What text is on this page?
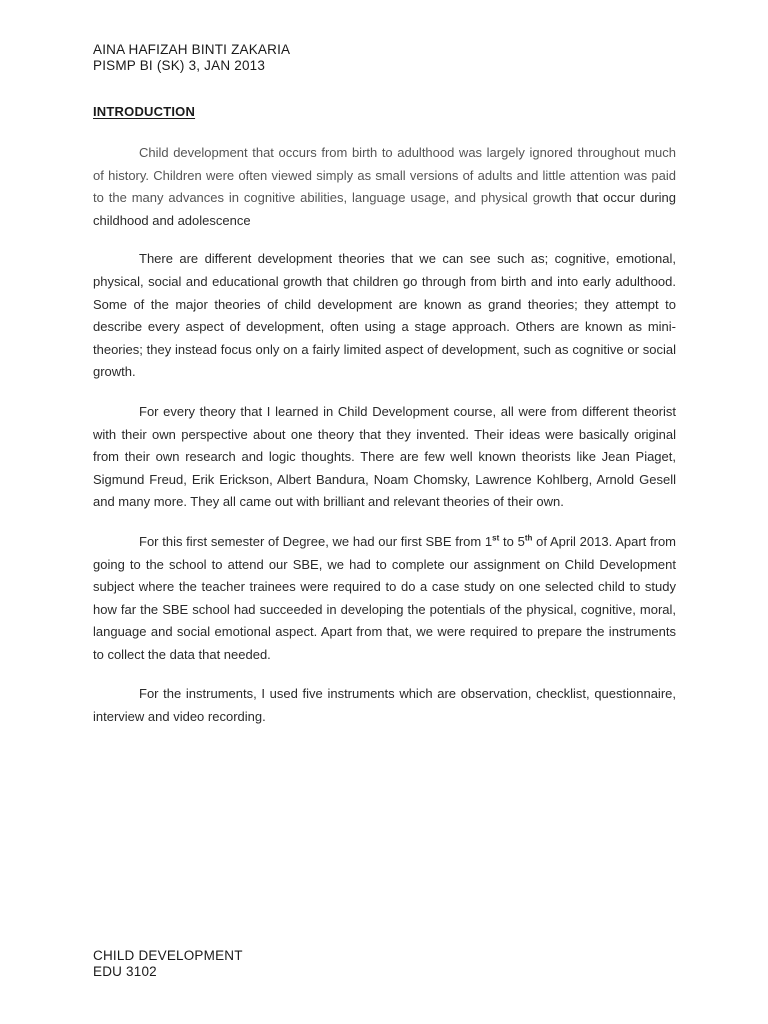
AINA HAFIZAH BINTI ZAKARIA
PISMP BI (SK) 3, JAN 2013
INTRODUCTION

Child development that occurs from birth to adulthood was largely ignored throughout much of history. Children were often viewed simply as small versions of adults and little attention was paid to the many advances in cognitive abilities, language usage, and physical growth that occur during childhood and adolescence

There are different development theories that we can see such as; cognitive, emotional, physical, social and educational growth that children go through from birth and into early adulthood. Some of the major theories of child development are known as grand theories; they attempt to describe every aspect of development, often using a stage approach. Others are known as mini-theories; they instead focus only on a fairly limited aspect of development, such as cognitive or social growth.

For every theory that I learned in Child Development course, all were from different theorist with their own perspective about one theory that they invented. Their ideas were basically original from their own research and logic thoughts. There are few well known theorists like Jean Piaget, Sigmund Freud, Erik Erickson, Albert Bandura, Noam Chomsky, Lawrence Kohlberg, Arnold Gesell and many more. They all came out with brilliant and relevant theories of their own.

For this first semester of Degree, we had our first SBE from 1st to 5th of April 2013. Apart from going to the school to attend our SBE, we had to complete our assignment on Child Development subject where the teacher trainees were required to do a case study on one selected child to study how far the SBE school had succeeded in developing the potentials of the physical, cognitive, moral, language and social emotional aspect. Apart from that, we were required to prepare the instruments to collect the data that needed.

For the instruments, I used five instruments which are observation, checklist, questionnaire, interview and video recording.

CHILD DEVELOPMENT
EDU 3102
